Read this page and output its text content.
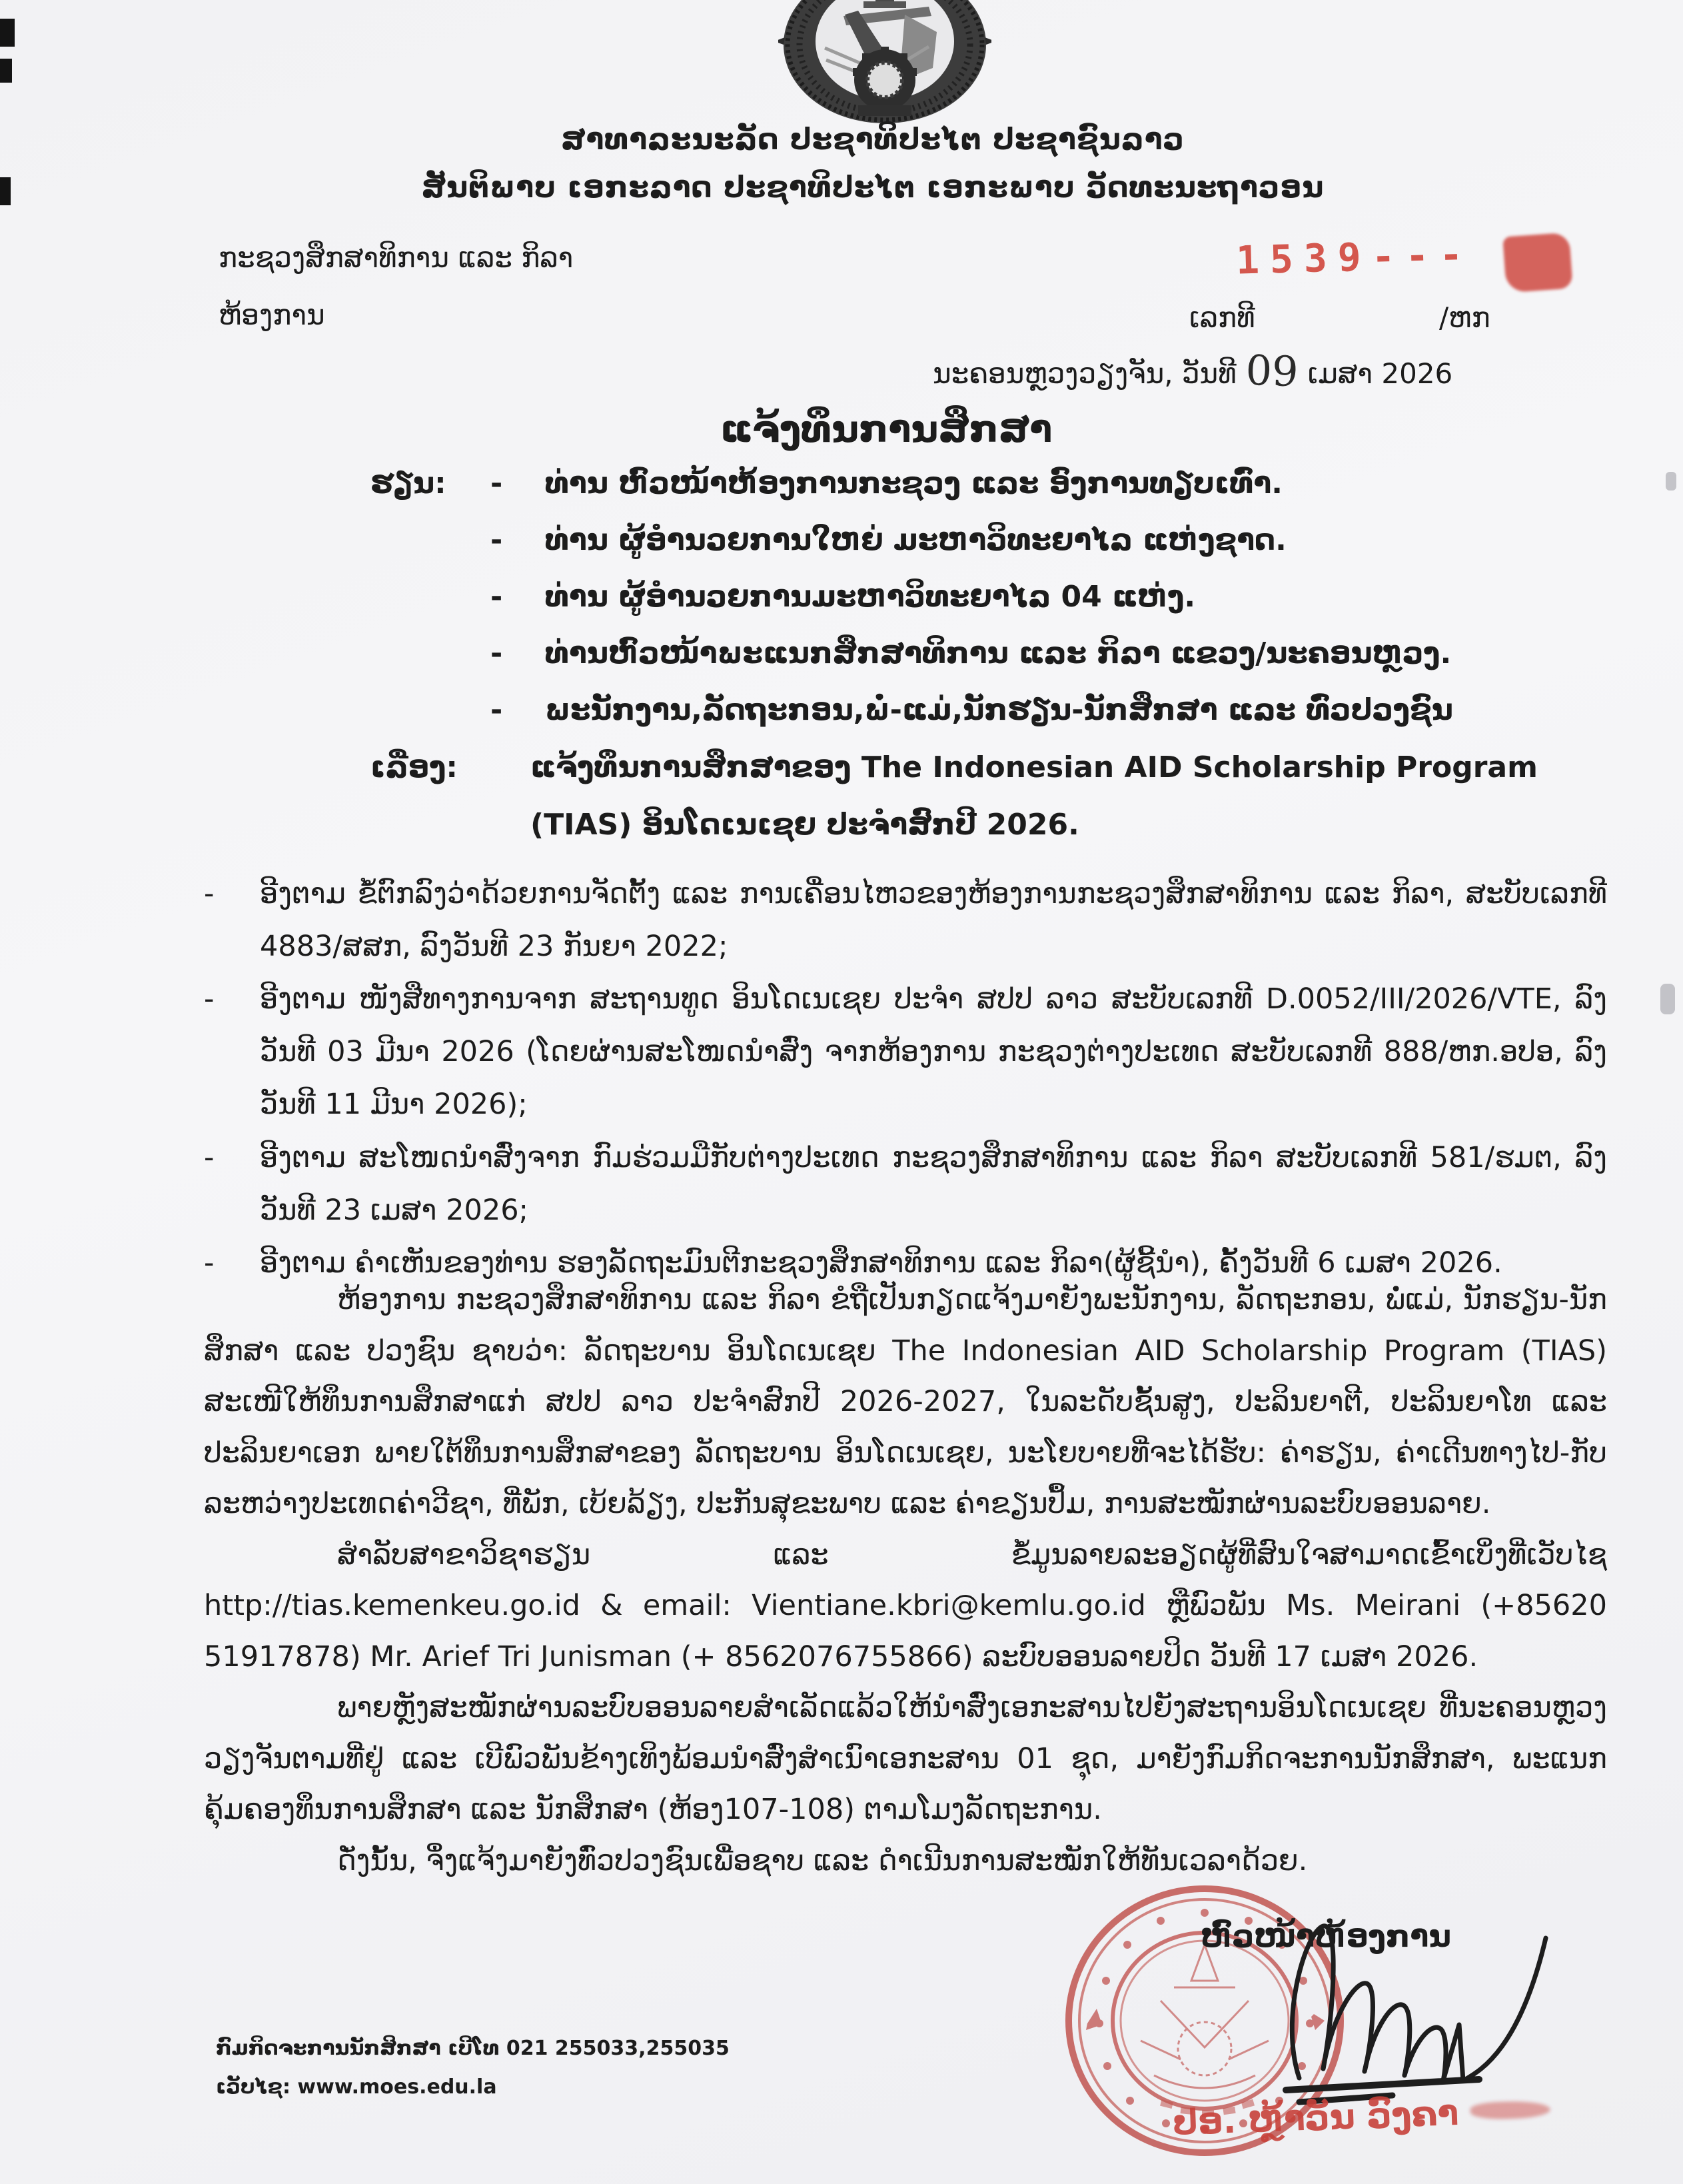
ສາທາລະນະລັດ ປະຊາທິປະໄຕ ປະຊາຊົນລາວ
ສັນຕິພາບ ເອກະລາດ ປະຊາທິປະໄຕ ເອກະພາບ ວັດທະນະຖາວອນ
ກະຊວງສຶກສາທິການ ແລະ ກິລາ
ຫ້ອງການ
1539---
ເລກທີ	/ຫກ
ນະຄອນຫຼວງວຽງຈັນ, ວັນທີ 09 ເມສາ 2026
ແຈ້ງທຶນການສຶກສາ
ຮຽນ: - ທ່ານ ຫົວໜ້າຫ້ອງການກະຊວງ ແລະ ອົງການທຽບເທົ່າ.
- ທ່ານ ຜູ້ອຳນວຍການໃຫຍ່ ມະຫາວິທະຍາໄລ ແຫ່ງຊາດ.
- ທ່ານ ຜູ້ອຳນວຍການມະຫາວິທະຍາໄລ 04 ແຫ່ງ.
- ທ່ານຫົວໜ້າພະແນກສຶກສາທິການ ແລະ ກິລາ ແຂວງ/ນະຄອນຫຼວງ.
- ພະນັກງານ,ລັດຖະກອນ,ພໍ່-ແມ່,ນັກຮຽນ-ນັກສຶກສາ ແລະ ທົ່ວປວງຊົນ
ເລື່ອງ: ແຈ້ງທຶນການສຶກສາຂອງ The Indonesian AID Scholarship Program
(TIAS) ອິນໂດເນເຊຍ ປະຈຳສົກປີ 2026.
-	ອີງຕາມ ຂໍ້ຕົກລົງວ່າດ້ວຍການຈັດຕັ້ງ ແລະ ການເຄື່ອນໄຫວຂອງຫ້ອງການກະຊວງສຶກສາທິການ ແລະ ກິລາ, ສະບັບເລກທີ 4883/ສສກ, ລົງວັນທີ 23 ກັນຍາ 2022;
-	ອີງຕາມ ໜັງສືທາງການຈາກ ສະຖານທູດ ອິນໂດເນເຊຍ ປະຈຳ ສປປ ລາວ ສະບັບເລກທີ D.0052/III/2026/VTE, ລົງວັນທີ 03 ມີນາ 2026 (ໂດຍຜ່ານສະໂໜດນຳສົ່ງ ຈາກຫ້ອງການ ກະຊວງຕ່າງປະເທດ ສະບັບເລກທີ 888/ຫກ.ອປອ, ລົງວັນທີ 11 ມີນາ 2026);
-	ອີງຕາມ ສະໂໜດນຳສົ່ງຈາກ ກົມຮ່ວມມືກັບຕ່າງປະເທດ ກະຊວງສຶກສາທິການ ແລະ ກິລາ ສະບັບເລກທີ 581/ຮມຕ, ລົງວັນທີ 23 ເມສາ 2026;
-	ອີງຕາມ ຄຳເຫັນຂອງທ່ານ ຮອງລັດຖະມົນຕີກະຊວງສຶກສາທິການ ແລະ ກິລາ(ຜູ້ຊີ້ນຳ), ຄັ້ງວັນທີ 6 ເມສາ 2026.

ຫ້ອງການ ກະຊວງສຶກສາທິການ ແລະ ກິລາ ຂໍຖືເປັນກຽດແຈ້ງມາຍັງພະນັກງານ, ລັດຖະກອນ, ພໍ່ແມ່, ນັກຮຽນ-ນັກສຶກສາ ແລະ ປວງຊົນ ຊາບວ່າ: ລັດຖະບານ ອິນໂດເນເຊຍ The Indonesian AID Scholarship Program (TIAS) ສະເໜີໃຫ້ທຶນການສຶກສາແກ່ ສປປ ລາວ ປະຈຳສົກປີ 2026-2027, ໃນລະດັບຊັ້ນສູງ, ປະລິນຍາຕີ, ປະລິນຍາໂທ ແລະ ປະລິນຍາເອກ ພາຍໃຕ້ທຶນການສຶກສາຂອງ ລັດຖະບານ ອິນໂດເນເຊຍ, ນະໂຍບາຍທີ່ຈະໄດ້ຮັບ: ຄ່າຮຽນ, ຄ່າເດີນທາງໄປ-ກັບ ລະຫວ່າງປະເທດຄ່າວີຊາ, ທີ່ພັກ, ເບ້ຍລ້ຽງ, ປະກັນສຸຂະພາບ ແລະ ຄ່າຂຽນປຶ້ມ, ການສະໝັກຜ່ານລະບົບອອນລາຍ.

ສຳລັບສາຂາວິຊາຮຽນ ແລະ ຂໍ້ມູນລາຍລະອຽດຜູ້ທີ່ສົນໃຈສາມາດເຂົ້າເບິ່ງທີ່ເວັບໄຊ http://tias.kemenkeu.go.id & email: Vientiane.kbri@kemlu.go.id ຫຼືພົວພັນ Ms. Meirani (+85620 51917878) Mr. Arief Tri Junisman (+ 8562076755866) ລະບົບອອນລາຍປິດ ວັນທີ 17 ເມສາ 2026.

ພາຍຫຼັງສະໝັກຜ່ານລະບົບອອນລາຍສຳເລັດແລ້ວໃຫ້ນຳສົ່ງເອກະສານໄປຍັງສະຖານອິນໂດເນເຊຍ ທີ່ນະຄອນຫຼວງວຽງຈັນຕາມທີ່ຢູ່ ແລະ ເບີພົວພັນຂ້າງເທິງພ້ອມນຳສົ່ງສຳເນົາເອກະສານ 01 ຊຸດ, ມາຍັງກົມກິດຈະການນັກສຶກສາ, ພະແນກຄຸ້ມຄອງທຶນການສຶກສາ ແລະ ນັກສຶກສາ (ຫ້ອງ107-108) ຕາມໂມງລັດຖະການ.

ດັ່ງນັ້ນ, ຈຶ່ງແຈ້ງມາຍັງທົ່ວປວງຊົນເພື່ອຊາບ ແລະ ດຳເນີນການສະໝັກໃຫ້ທັນເວລາດ້ວຍ.

ຫົວໜ້າຫ້ອງການ
ປອ. ຫຼ້າວັນ ວົງຄາ
ກົມກິດຈະການນັກສິກສາ ເບີໂທ 021 255033,255035
ເວັບໄຊ: www.moes.edu.la
